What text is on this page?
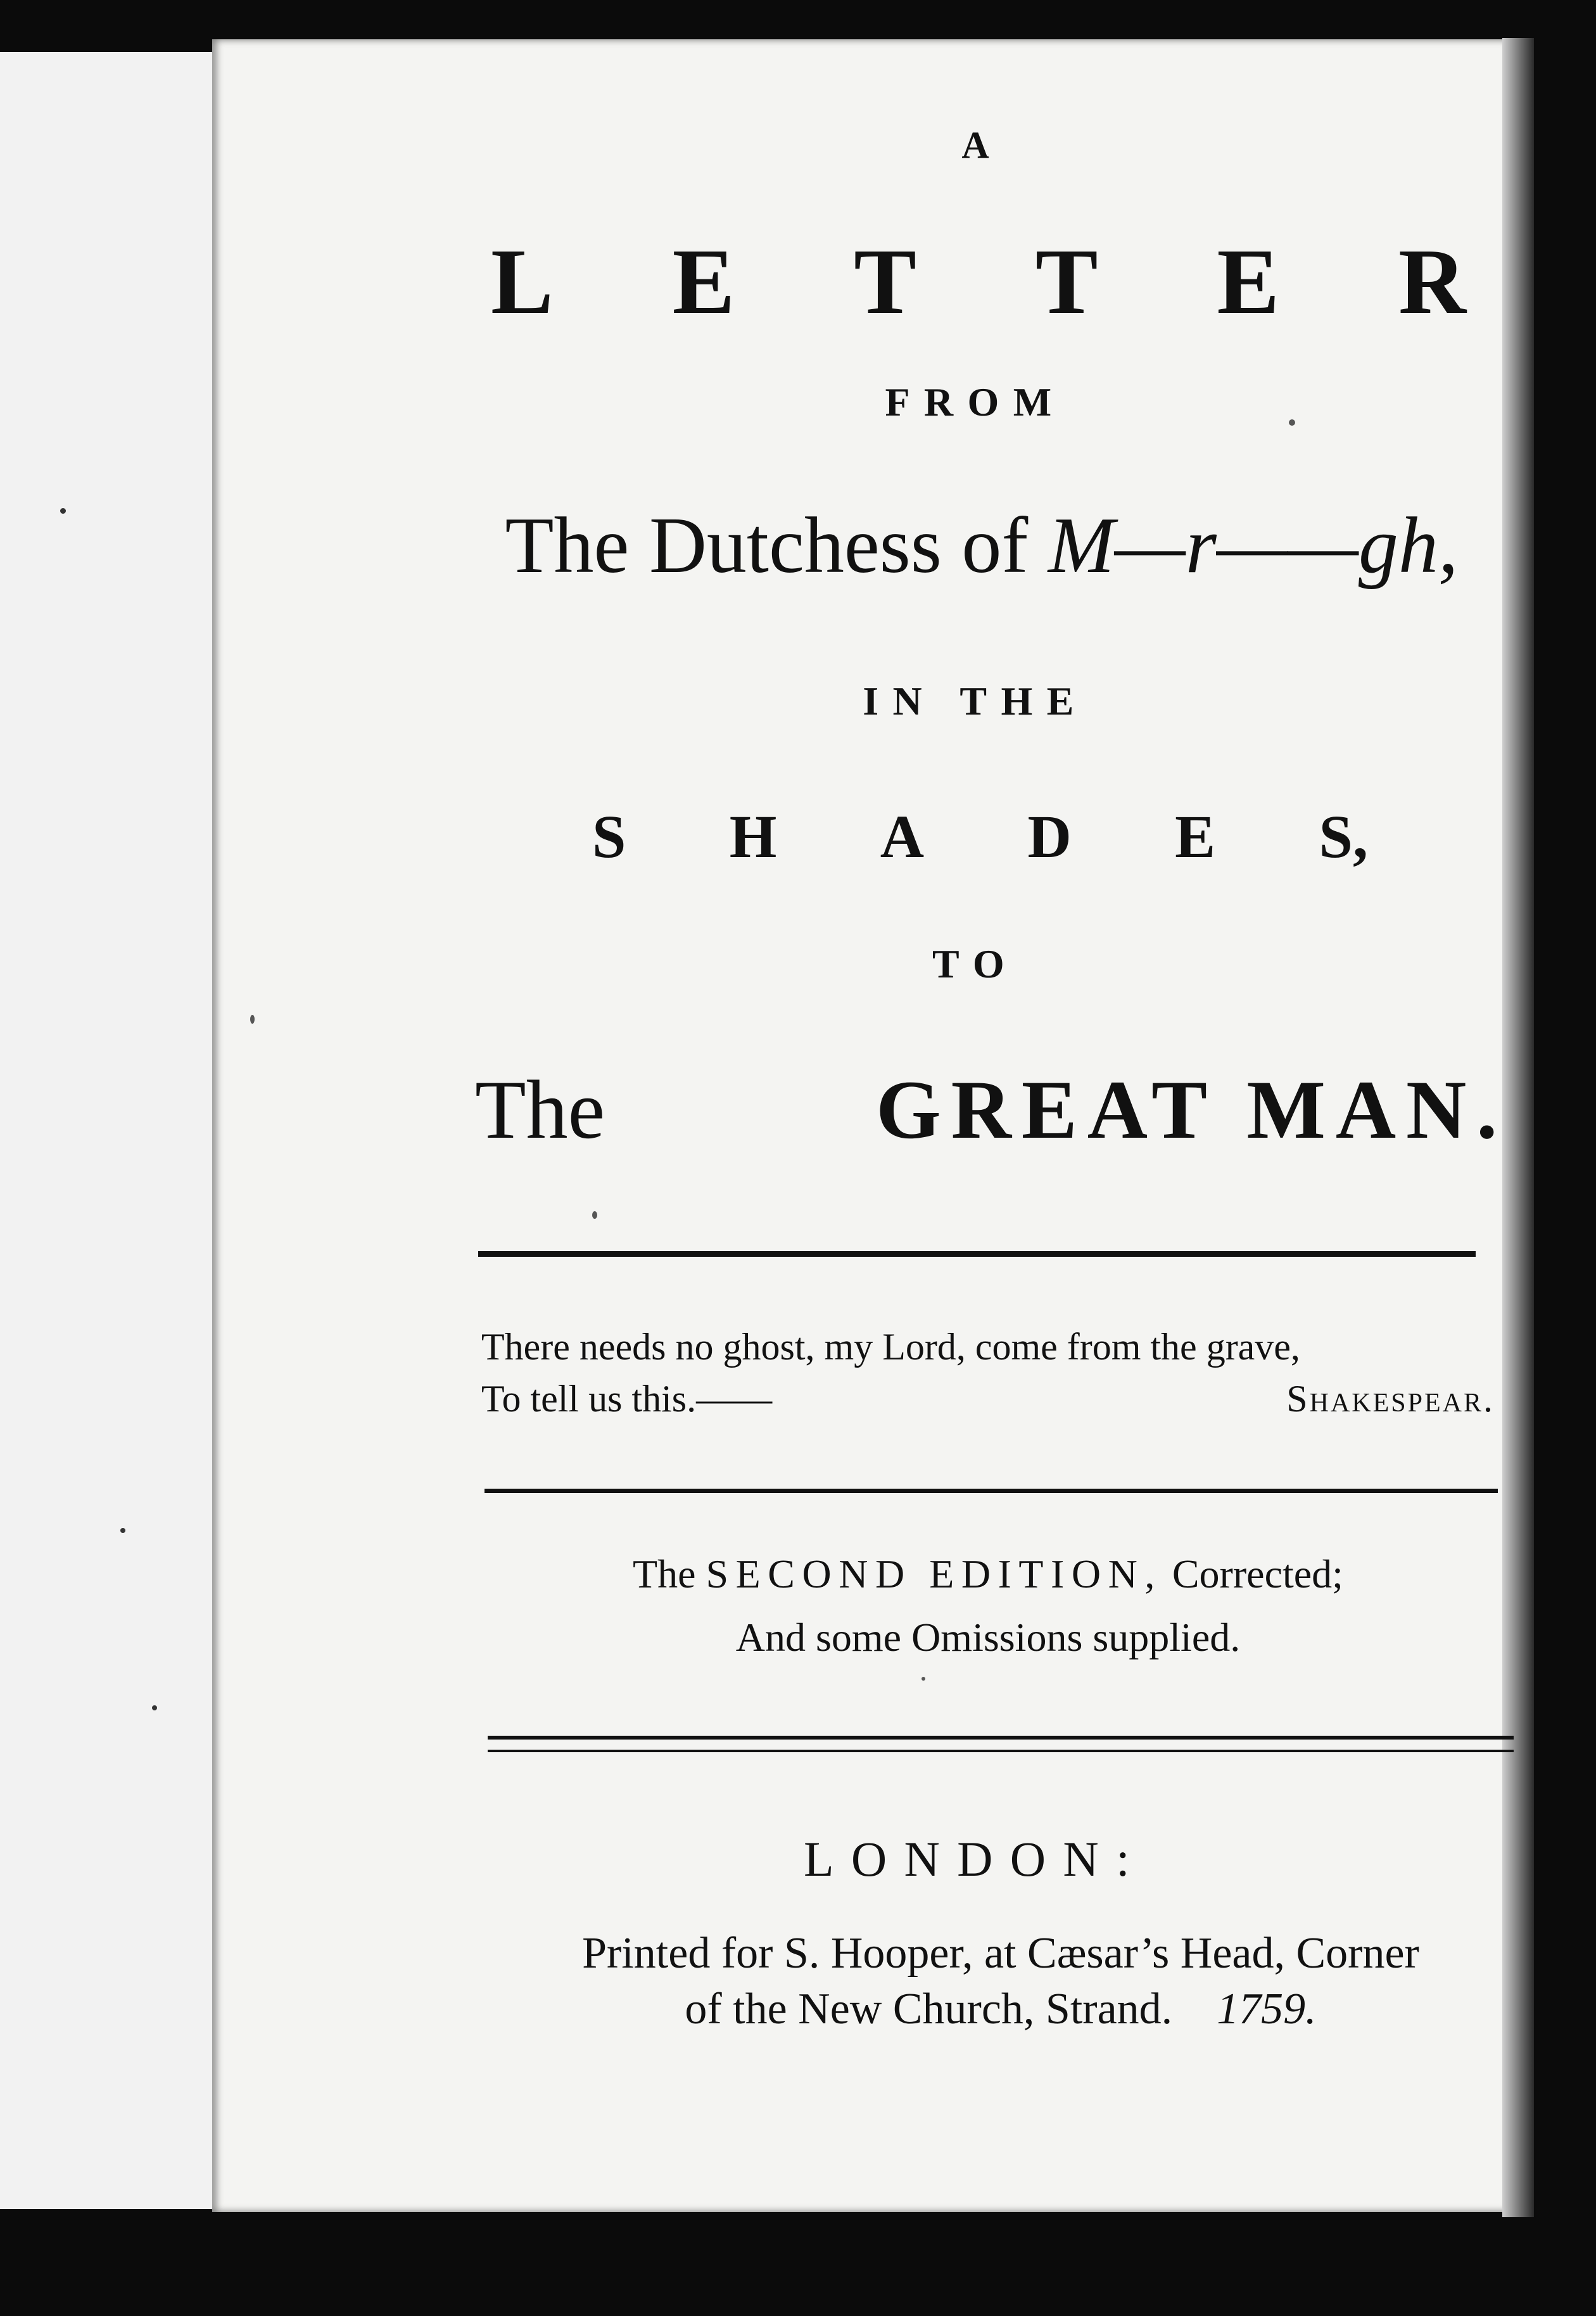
A
L E T T E R
FROM
The Dutchess of M—r——gh,
IN THE
S H A D E S,
TO
The	GREAT MAN.
There needs no ghost, my Lord, come from the grave,
To tell us this.——	Shakespear.
The SECOND EDITION, Corrected;
And some Omissions supplied.
LONDON:
Printed for S. Hooper, at Cæsar’s Head, Corner
of the New Church, Strand. 1759.
